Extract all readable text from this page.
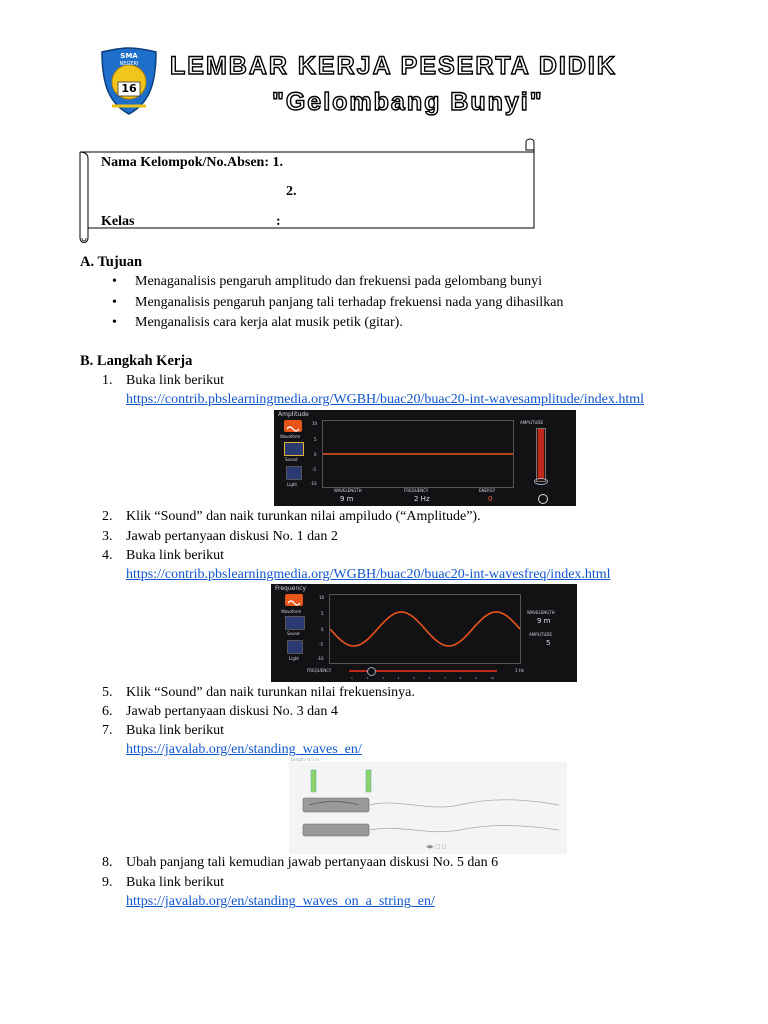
SMA
NEGERI
16
LEMBAR KERJA PESERTA DIDIK
"Gelombang Bunyi"
Nama Kelompok/No.Absen: 1.
2.
Kelas	:
A. Tujuan
• Menaganalisis pengaruh amplitudo dan frekuensi pada gelombang bunyi
• Menganalisis pengaruh panjang tali terhadap frekuensi nada yang dihasilkan
• Menganalisis cara kerja alat musik petik (gitar).
B. Langkah Kerja
1. Buka link berikut
https://contrib.pbslearningmedia.org/WGBH/buac20/buac20-int-wavesamplitude/index.html
Amplitude
Waveform
Sound
Light
10
5
0
-5
-10
AMPLITUDE
WAVELENGTH	FREQUENCY	ENERGY
9 m	2 Hz	0
2. Klik “Sound” dan naik turunkan nilai ampiludo (“Amplitude”).
3. Jawab pertanyaan diskusi No. 1 dan 2
4. Buka link berikut
https://contrib.pbslearningmedia.org/WGBH/buac20/buac20-int-wavesfreq/index.html
Frequency
Waveform
Sound
Light
10
5
0
-5
-10
WAVELENGTH
9 m
AMPLITUDE
5
FREQUENCY	1 Hz
1	2	3	4	5	6	7	8	9	10
5. Klik “Sound” dan naik turunkan nilai frekuensinya.
6. Jawab pertanyaan diskusi No. 3 dan 4
7. Buka link berikut
https://javalab.org/en/standing_waves_en/
Length: 0.5 m
◀▶ □ □
8. Ubah panjang tali kemudian jawab pertanyaan diskusi No. 5 dan 6
9. Buka link berikut
https://javalab.org/en/standing_waves_on_a_string_en/
